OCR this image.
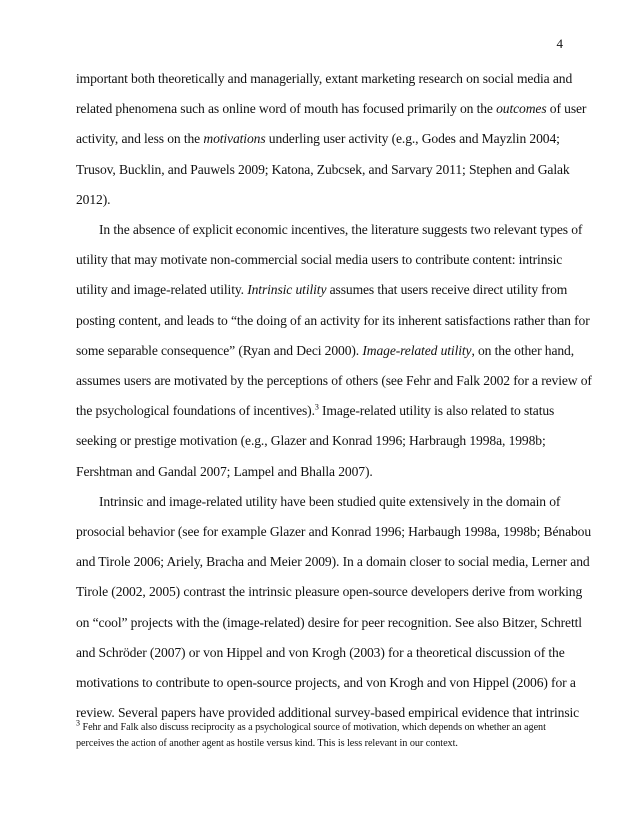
4

important both theoretically and managerially, extant marketing research on social media and
related phenomena such as online word of mouth has focused primarily on the outcomes of user
activity, and less on the motivations underling user activity (e.g., Godes and Mayzlin 2004;
Trusov, Bucklin, and Pauwels 2009; Katona, Zubcsek, and Sarvary 2011; Stephen and Galak
2012).

In the absence of explicit economic incentives, the literature suggests two relevant types of
utility that may motivate non-commercial social media users to contribute content: intrinsic
utility and image-related utility. Intrinsic utility assumes that users receive direct utility from
posting content, and leads to “the doing of an activity for its inherent satisfactions rather than for
some separable consequence” (Ryan and Deci 2000). Image-related utility, on the other hand,
assumes users are motivated by the perceptions of others (see Fehr and Falk 2002 for a review of
the psychological foundations of incentives).$^3$ Image-related utility is also related to status
seeking or prestige motivation (e.g., Glazer and Konrad 1996; Harbraugh 1998a, 1998b;
Fershtman and Gandal 2007; Lampel and Bhalla 2007).

Intrinsic and image-related utility have been studied quite extensively in the domain of
prosocial behavior (see for example Glazer and Konrad 1996; Harbaugh 1998a, 1998b; Bénabou
and Tirole 2006; Ariely, Bracha and Meier 2009). In a domain closer to social media, Lerner and
Tirole (2002, 2005) contrast the intrinsic pleasure open-source developers derive from working
on “cool” projects with the (image-related) desire for peer recognition. See also Bitzer, Schrettl
and Schröder (2007) or von Hippel and von Krogh (2003) for a theoretical discussion of the
motivations to contribute to open-source projects, and von Krogh and von Hippel (2006) for a
review. Several papers have provided additional survey-based empirical evidence that intrinsic

$^3$ Fehr and Falk also discuss reciprocity as a psychological source of motivation, which depends on whether an agent
perceives the action of another agent as hostile versus kind. This is less relevant in our context.
